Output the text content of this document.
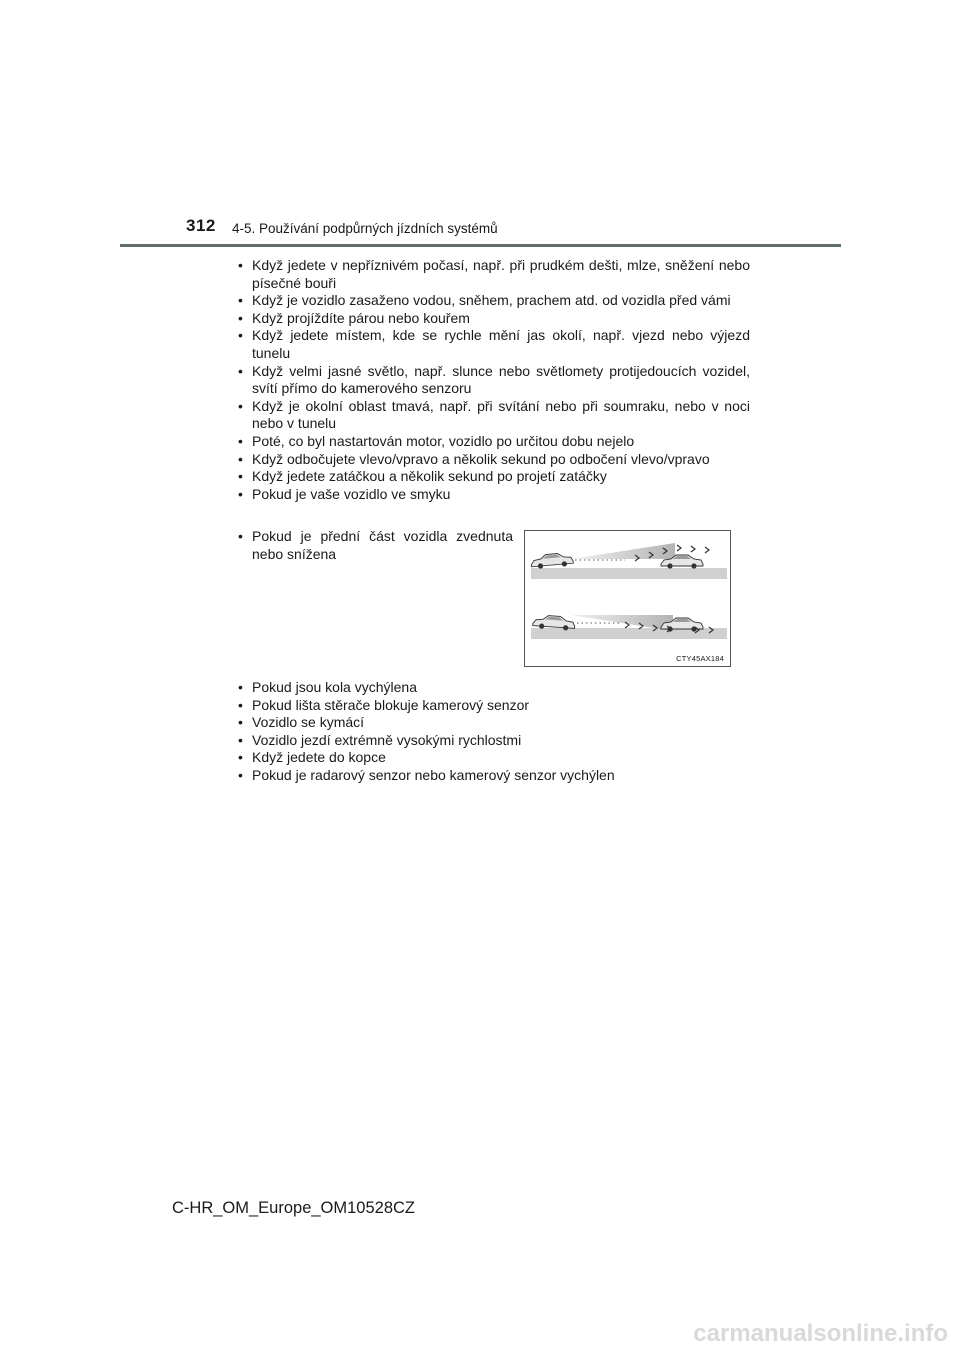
312 4-5. Používání podpůrných jízdních systémů
• Když jedete v nepříznivém počasí, např. při prudkém dešti, mlze, sněžení nebo písečné bouři
• Když je vozidlo zasaženo vodou, sněhem, prachem atd. od vozidla před vámi
• Když projíždíte párou nebo kouřem
• Když jedete místem, kde se rychle mění jas okolí, např. vjezd nebo výjezd tunelu
• Když velmi jasné světlo, např. slunce nebo světlomety protijedoucích vozidel, svítí přímo do kamerového senzoru
• Když je okolní oblast tmavá, např. při svítání nebo při soumraku, nebo v noci nebo v tunelu
• Poté, co byl nastartován motor, vozidlo po určitou dobu nejelo
• Když odbočujete vlevo/vpravo a několik sekund po odbočení vlevo/vpravo
• Když jedete zatáčkou a několik sekund po projetí zatáčky
• Pokud je vaše vozidlo ve smyku
• Pokud je přední část vozidla zvednuta nebo snížena
CTY45AX184
• Pokud jsou kola vychýlena
• Pokud lišta stěrače blokuje kamerový senzor
• Vozidlo se kymácí
• Vozidlo jezdí extrémně vysokými rychlostmi
• Když jedete do kopce
• Pokud je radarový senzor nebo kamerový senzor vychýlen
C-HR_OM_Europe_OM10528CZ
carmanualsonline.info
